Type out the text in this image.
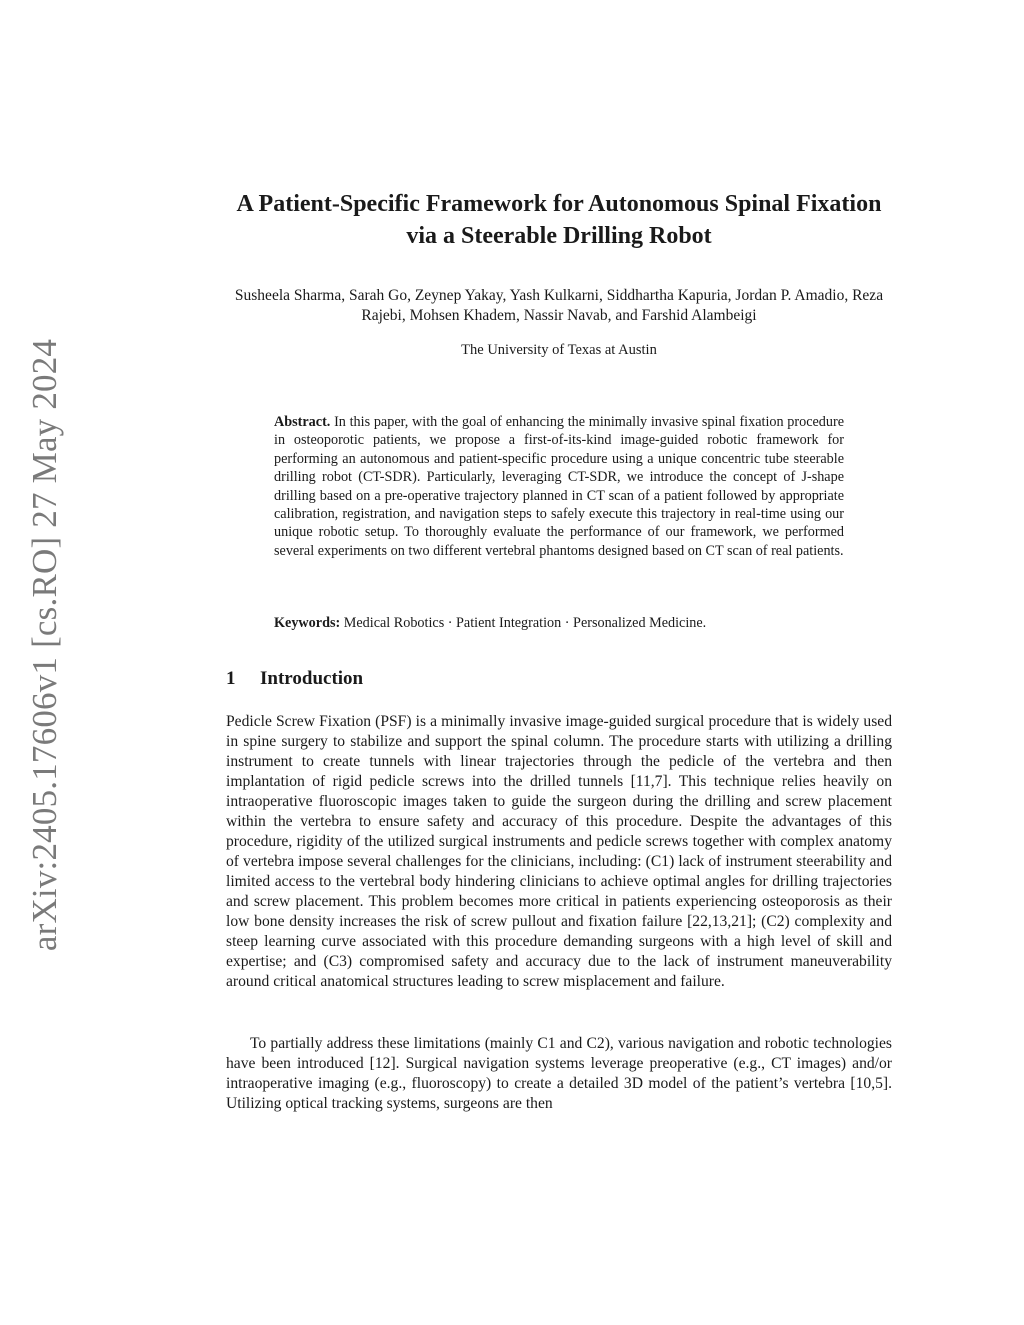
arXiv:2405.17606v1 [cs.RO] 27 May 2024
A Patient-Specific Framework for Autonomous Spinal Fixation via a Steerable Drilling Robot

Susheela Sharma, Sarah Go, Zeynep Yakay, Yash Kulkarni, Siddhartha Kapuria, Jordan P. Amadio, Reza Rajebi, Mohsen Khadem, Nassir Navab, and Farshid Alambeigi

The University of Texas at Austin

Abstract. In this paper, with the goal of enhancing the minimally invasive spinal fixation procedure in osteoporotic patients, we propose a first-of-its-kind image-guided robotic framework for performing an autonomous and patient-specific procedure using a unique concentric tube steerable drilling robot (CT-SDR). Particularly, leveraging CT-SDR, we introduce the concept of J-shape drilling based on a pre-operative trajectory planned in CT scan of a patient followed by appropriate calibration, registration, and navigation steps to safely execute this trajectory in real-time using our unique robotic setup. To thoroughly evaluate the performance of our framework, we performed several experiments on two different vertebral phantoms designed based on CT scan of real patients.

Keywords: Medical Robotics · Patient Integration · Personalized Medicine.

1 Introduction

Pedicle Screw Fixation (PSF) is a minimally invasive image-guided surgical procedure that is widely used in spine surgery to stabilize and support the spinal column. The procedure starts with utilizing a drilling instrument to create tunnels with linear trajectories through the pedicle of the vertebra and then implantation of rigid pedicle screws into the drilled tunnels [11,7]. This technique relies heavily on intraoperative fluoroscopic images taken to guide the surgeon during the drilling and screw placement within the vertebra to ensure safety and accuracy of this procedure. Despite the advantages of this procedure, rigidity of the utilized surgical instruments and pedicle screws together with complex anatomy of vertebra impose several challenges for the clinicians, including: (C1) lack of instrument steerability and limited access to the vertebral body hindering clinicians to achieve optimal angles for drilling trajectories and screw placement. This problem becomes more critical in patients experiencing osteoporosis as their low bone density increases the risk of screw pullout and fixation failure [22,13,21]; (C2) complexity and steep learning curve associated with this procedure demanding surgeons with a high level of skill and expertise; and (C3) compromised safety and accuracy due to the lack of instrument maneuverability around critical anatomical structures leading to screw misplacement and failure.

To partially address these limitations (mainly C1 and C2), various navigation and robotic technologies have been introduced [12]. Surgical navigation systems leverage preoperative (e.g., CT images) and/or intraoperative imaging (e.g., fluoroscopy) to create a detailed 3D model of the patient’s vertebra [10,5]. Utilizing optical tracking systems, surgeons are then
